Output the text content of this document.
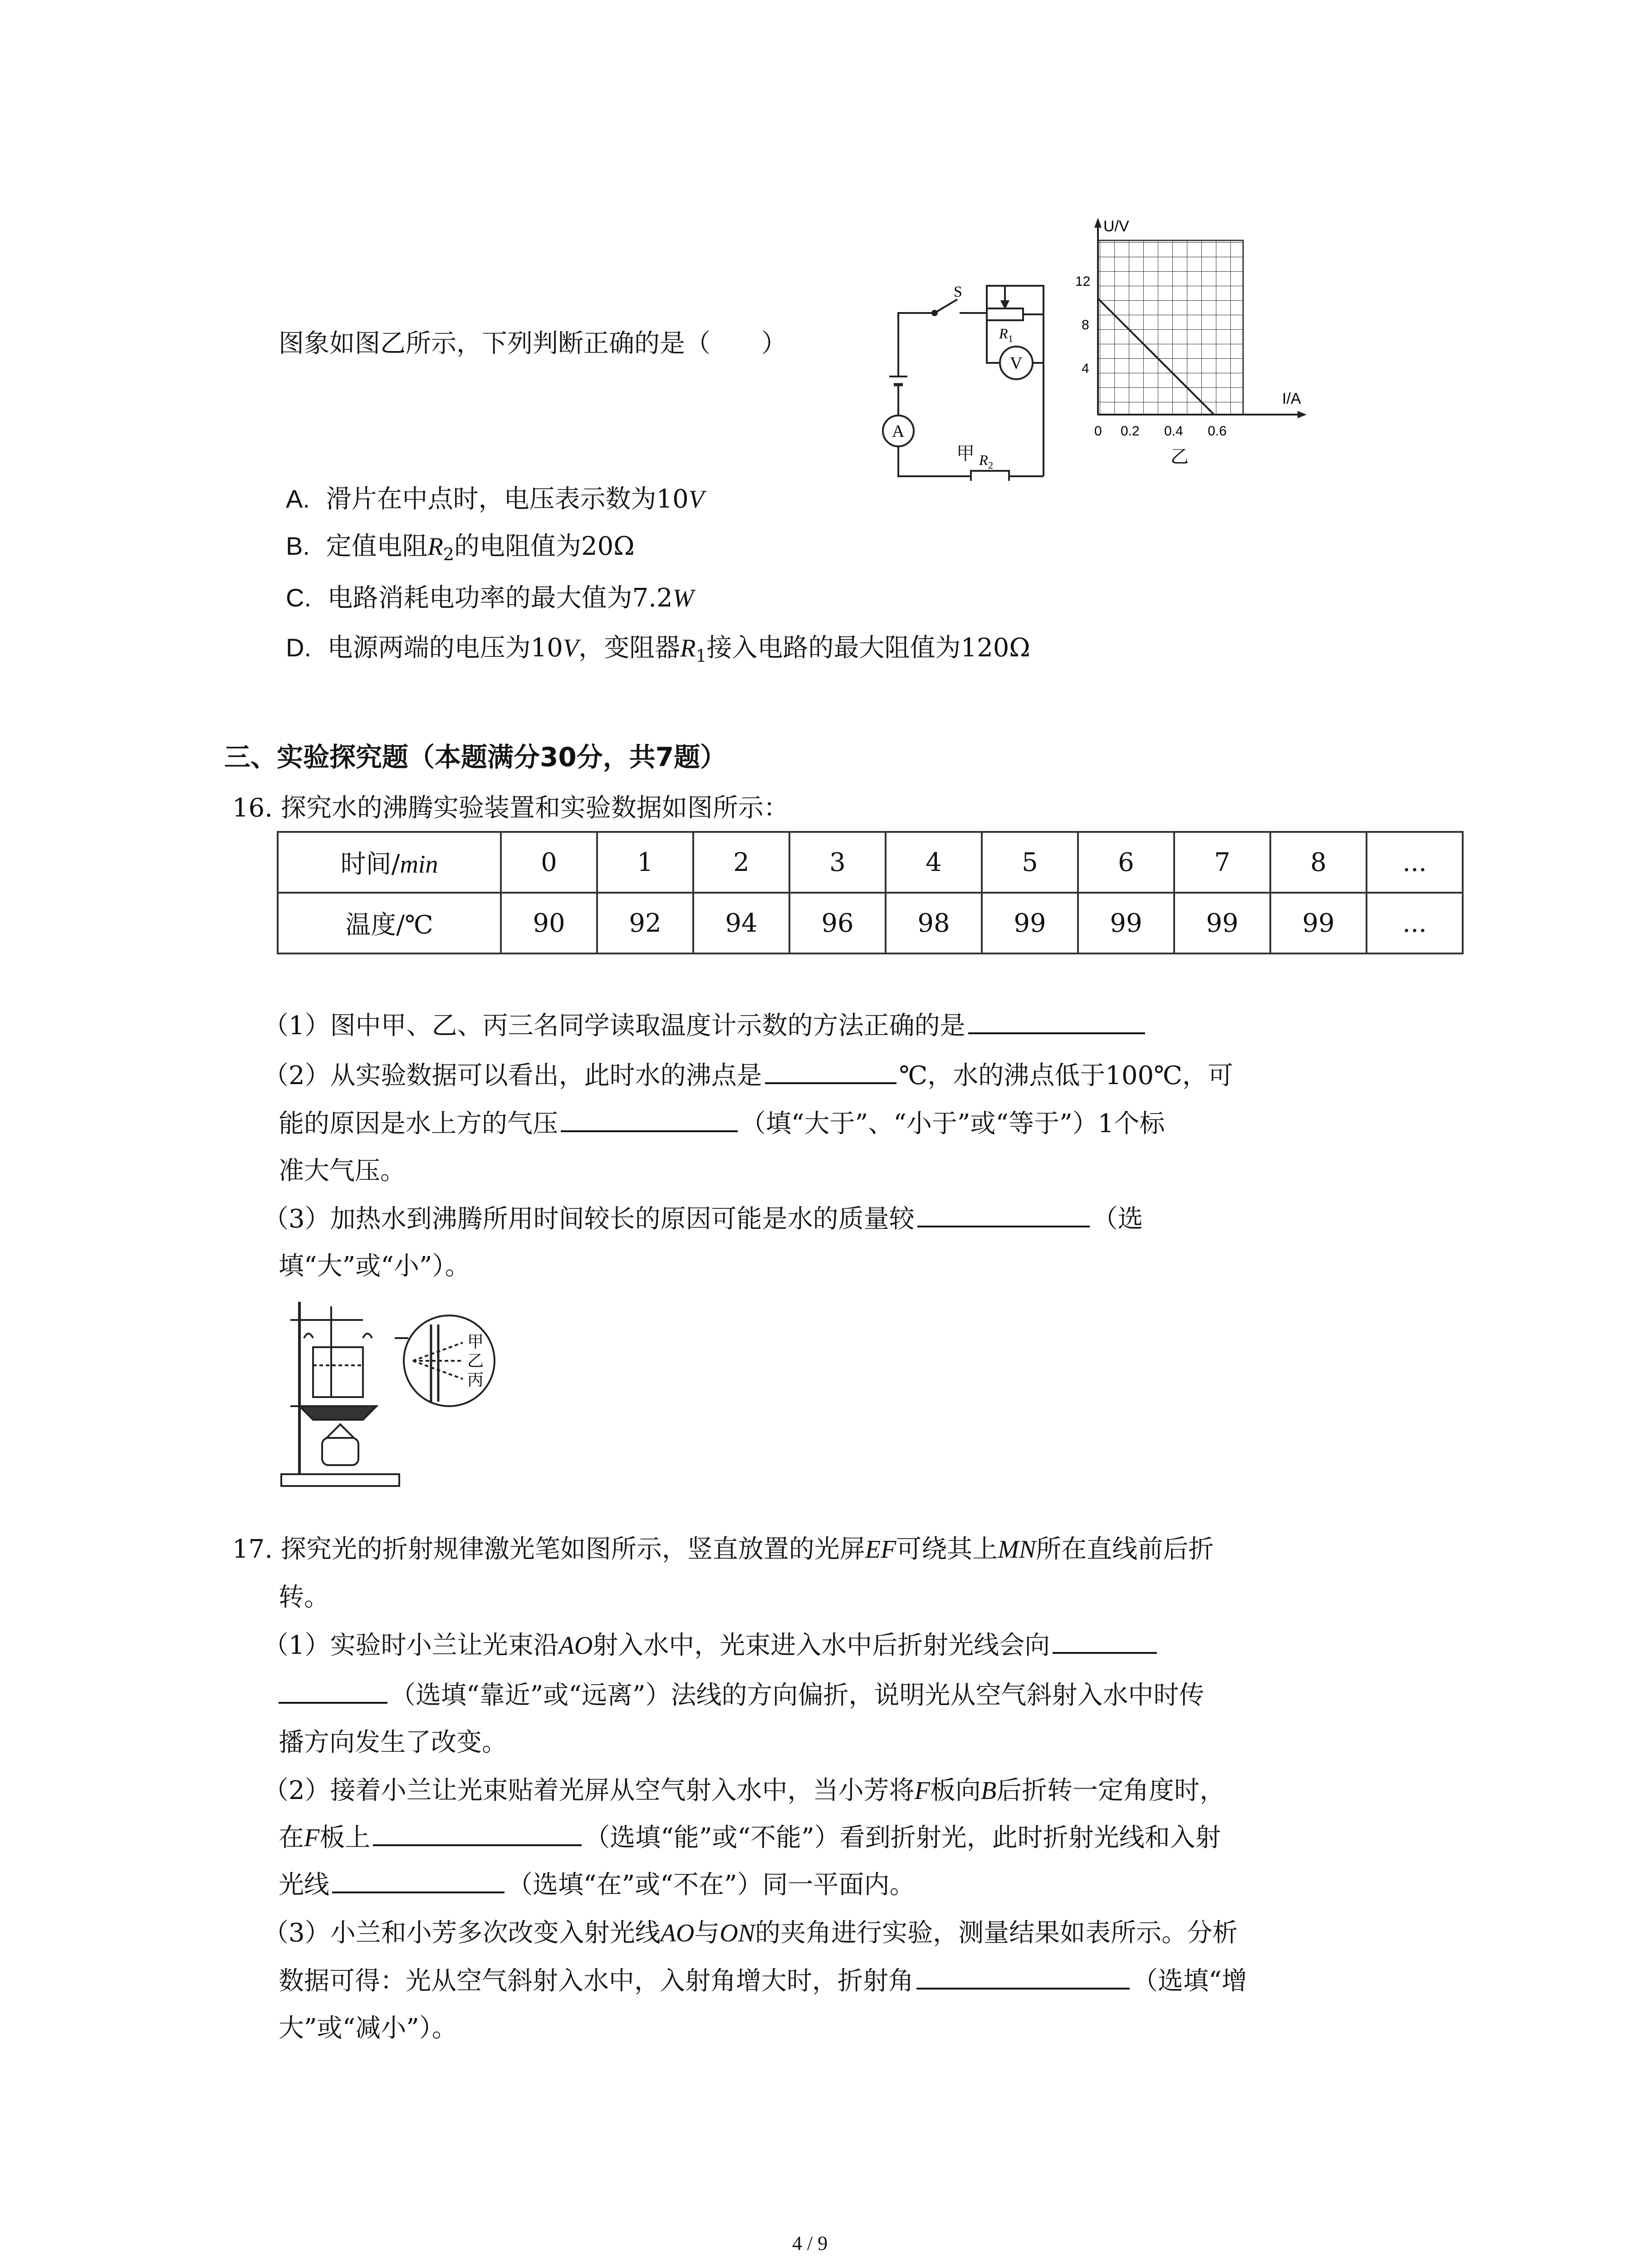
图象如图乙所示，下列判断正确的是（　　）
S
R 1
V
A
R 2
甲
U/V
I/A
12
8
4
0 0.2 0.4 0.6
乙
A. 滑片在中点时，电压表示数为10V
B. 定值电阻$R_2$的电阻值为20Ω
C. 电路消耗电功率的最大值为7.2W
D. 电源两端的电压为10V，变阻器$R_1$接入电路的最大阻值为120Ω
三、实验探究题（本题满分30分，共7题）
16. 探究水的沸腾实验装置和实验数据如图所示：
时间/min	0	1	2	3	4	5	6	7	8	...
温度/℃	90	92	94	96	98	99	99	99	99	...
（1）图中甲、乙、丙三名同学读取温度计示数的方法正确的是
（2）从实验数据可以看出，此时水的沸点是	℃，水的沸点低于100℃，可
能的原因是水上方的气压	（填“大于”、“小于”或“等于”）1个标
准大气压。
（3）加热水到沸腾所用时间较长的原因可能是水的质量较	（选
填“大”或“小”）。
甲
乙
丙
17. 探究光的折射规律激光笔如图所示，竖直放置的光屏EF可绕其上MN所在直线前后折
转。
（1）实验时小兰让光束沿AO射入水中，光束进入水中后折射光线会向
（选填“靠近”或“远离”）法线的方向偏折，说明光从空气斜射入水中时传
播方向发生了改变。
（2）接着小兰让光束贴着光屏从空气射入水中，当小芳将F板向B后折转一定角度时，
在F板上	（选填“能”或“不能”）看到折射光，此时折射光线和入射
光线	（选填“在”或“不在”）同一平面内。
（3）小兰和小芳多次改变入射光线AO与ON的夹角进行实验，测量结果如表所示。分析
数据可得：光从空气斜射入水中，入射角增大时，折射角	（选填“增
大”或“减小”）。
4 / 9
